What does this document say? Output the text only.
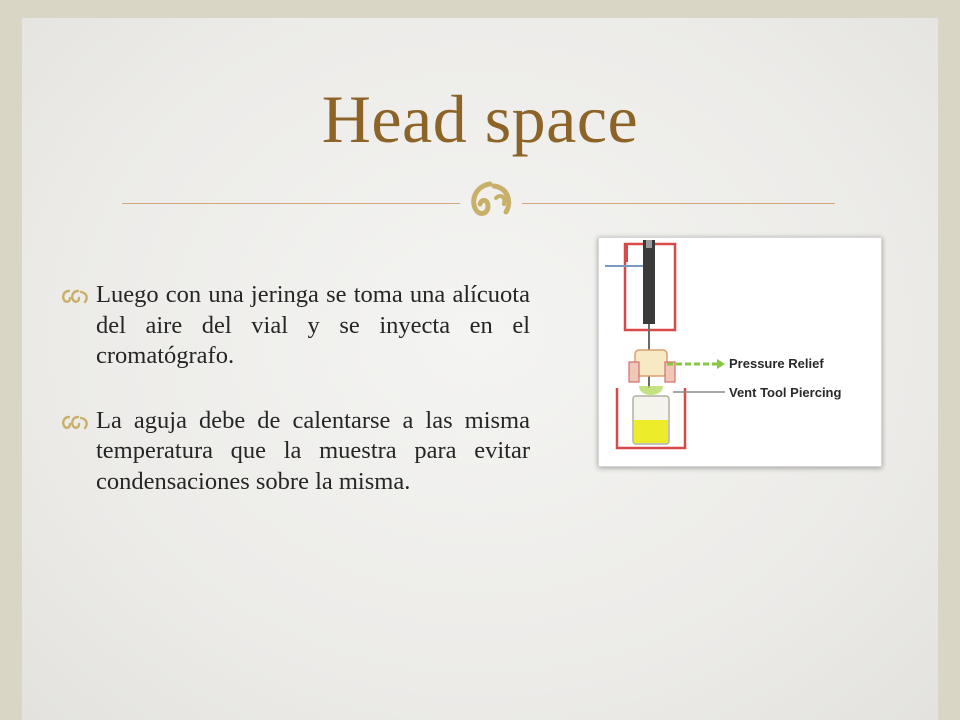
Head space
Luego con una jeringa se toma una alícuota del aire del vial y se inyecta en el cromatógrafo.
La aguja debe de calentarse a las misma temperatura que la muestra para evitar condensaciones sobre la misma.
Pressure Relief
Vent Tool Piercing
